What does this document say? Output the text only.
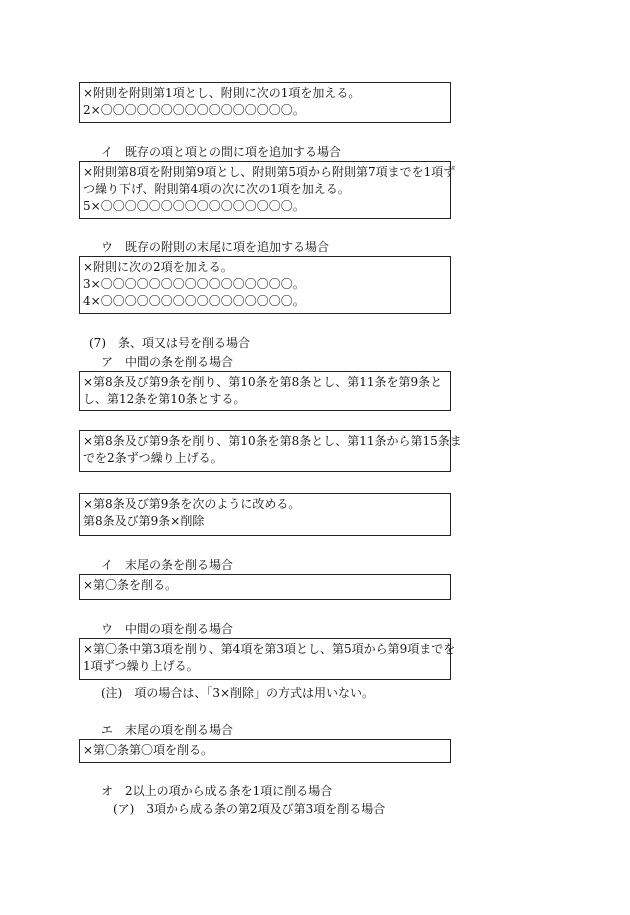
×附則を附則第1項とし、附則に次の1項を加える。
2×〇〇〇〇〇〇〇〇〇〇〇〇〇〇〇〇。
イ　既存の項と項との間に項を追加する場合
×附則第8項を附則第9項とし、附則第5項から附則第7項までを1項ず
つ繰り下げ、附則第4項の次に次の1項を加える。
5×〇〇〇〇〇〇〇〇〇〇〇〇〇〇〇〇。
ウ　既存の附則の末尾に項を追加する場合
×附則に次の2項を加える。
3×〇〇〇〇〇〇〇〇〇〇〇〇〇〇〇〇。
4×〇〇〇〇〇〇〇〇〇〇〇〇〇〇〇〇。
(7)　条、項又は号を削る場合
ア　中間の条を削る場合
×第8条及び第9条を削り、第10条を第8条とし、第11条を第9条と
し、第12条を第10条とする。
×第8条及び第9条を削り、第10条を第8条とし、第11条から第15条ま
でを2条ずつ繰り上げる。
×第8条及び第9条を次のように改める。
第8条及び第9条×削除
イ　末尾の条を削る場合
×第〇条を削る。
ウ　中間の項を削る場合
×第〇条中第3項を削り、第4項を第3項とし、第5項から第9項までを
1項ずつ繰り上げる。
(注)　項の場合は、「3×削除」の方式は用いない。
エ　末尾の項を削る場合
×第〇条第〇項を削る。
オ　2以上の項から成る条を1項に削る場合
(ア)　3項から成る条の第2項及び第3項を削る場合
